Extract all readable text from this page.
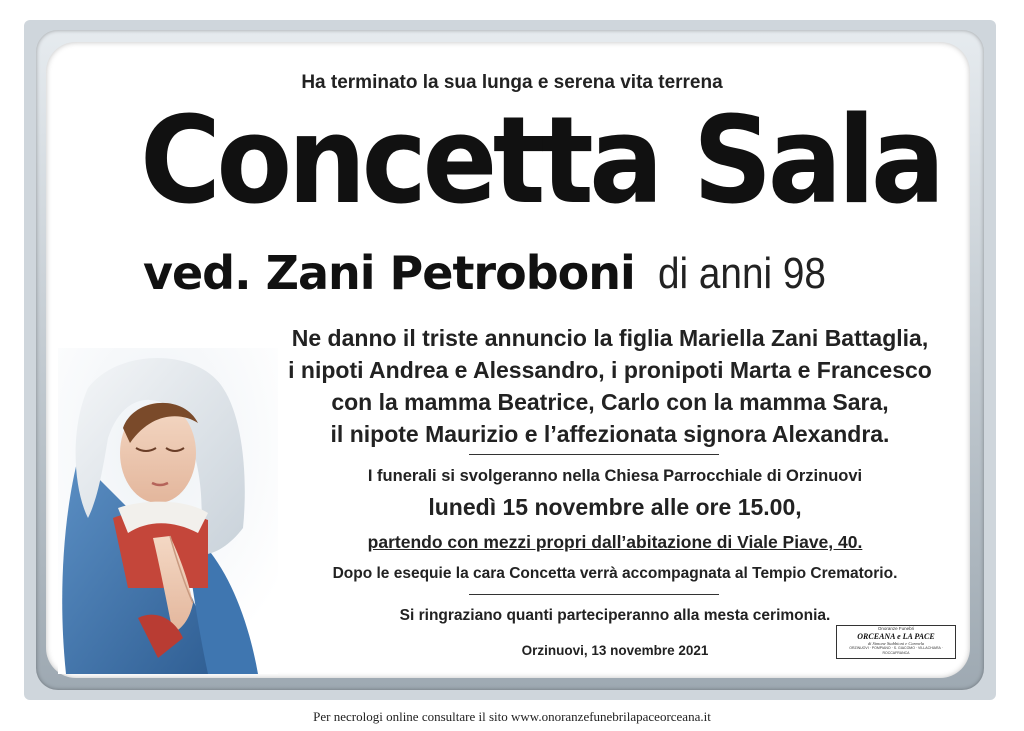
Ha terminato la sua lunga e serena vita terrena
Concetta Sala
ved. Zani Petroboni di anni 98
Ne danno il triste annuncio la figlia Mariella Zani Battaglia,
i nipoti Andrea e Alessandro, i pronipoti Marta e Francesco
con la mamma Beatrice, Carlo con la mamma Sara,
il nipote Maurizio e l’affezionata signora Alexandra.
I funerali si svolgeranno nella Chiesa Parrocchiale di Orzinuovi
lunedì 15 novembre alle ore 15.00,
partendo con mezzi propri dall’abitazione di Viale Piave, 40.
Dopo le esequie la cara Concetta verrà accompagnata al Tempio Crematorio.
Si ringraziano quanti parteciperanno alla mesta cerimonia.
Orzinuovi, 13 novembre 2021
Onoranze Funebri
ORCEANA e LA PACE
di Simone Stabbioni e Carmela
ORZINUOVI · POMPIANO · S. GIACOMO · VILLACHIARA · ROCCAFRANCA
Per necrologi online consultare il sito www.onoranzefunebrilapaceorceana.it
